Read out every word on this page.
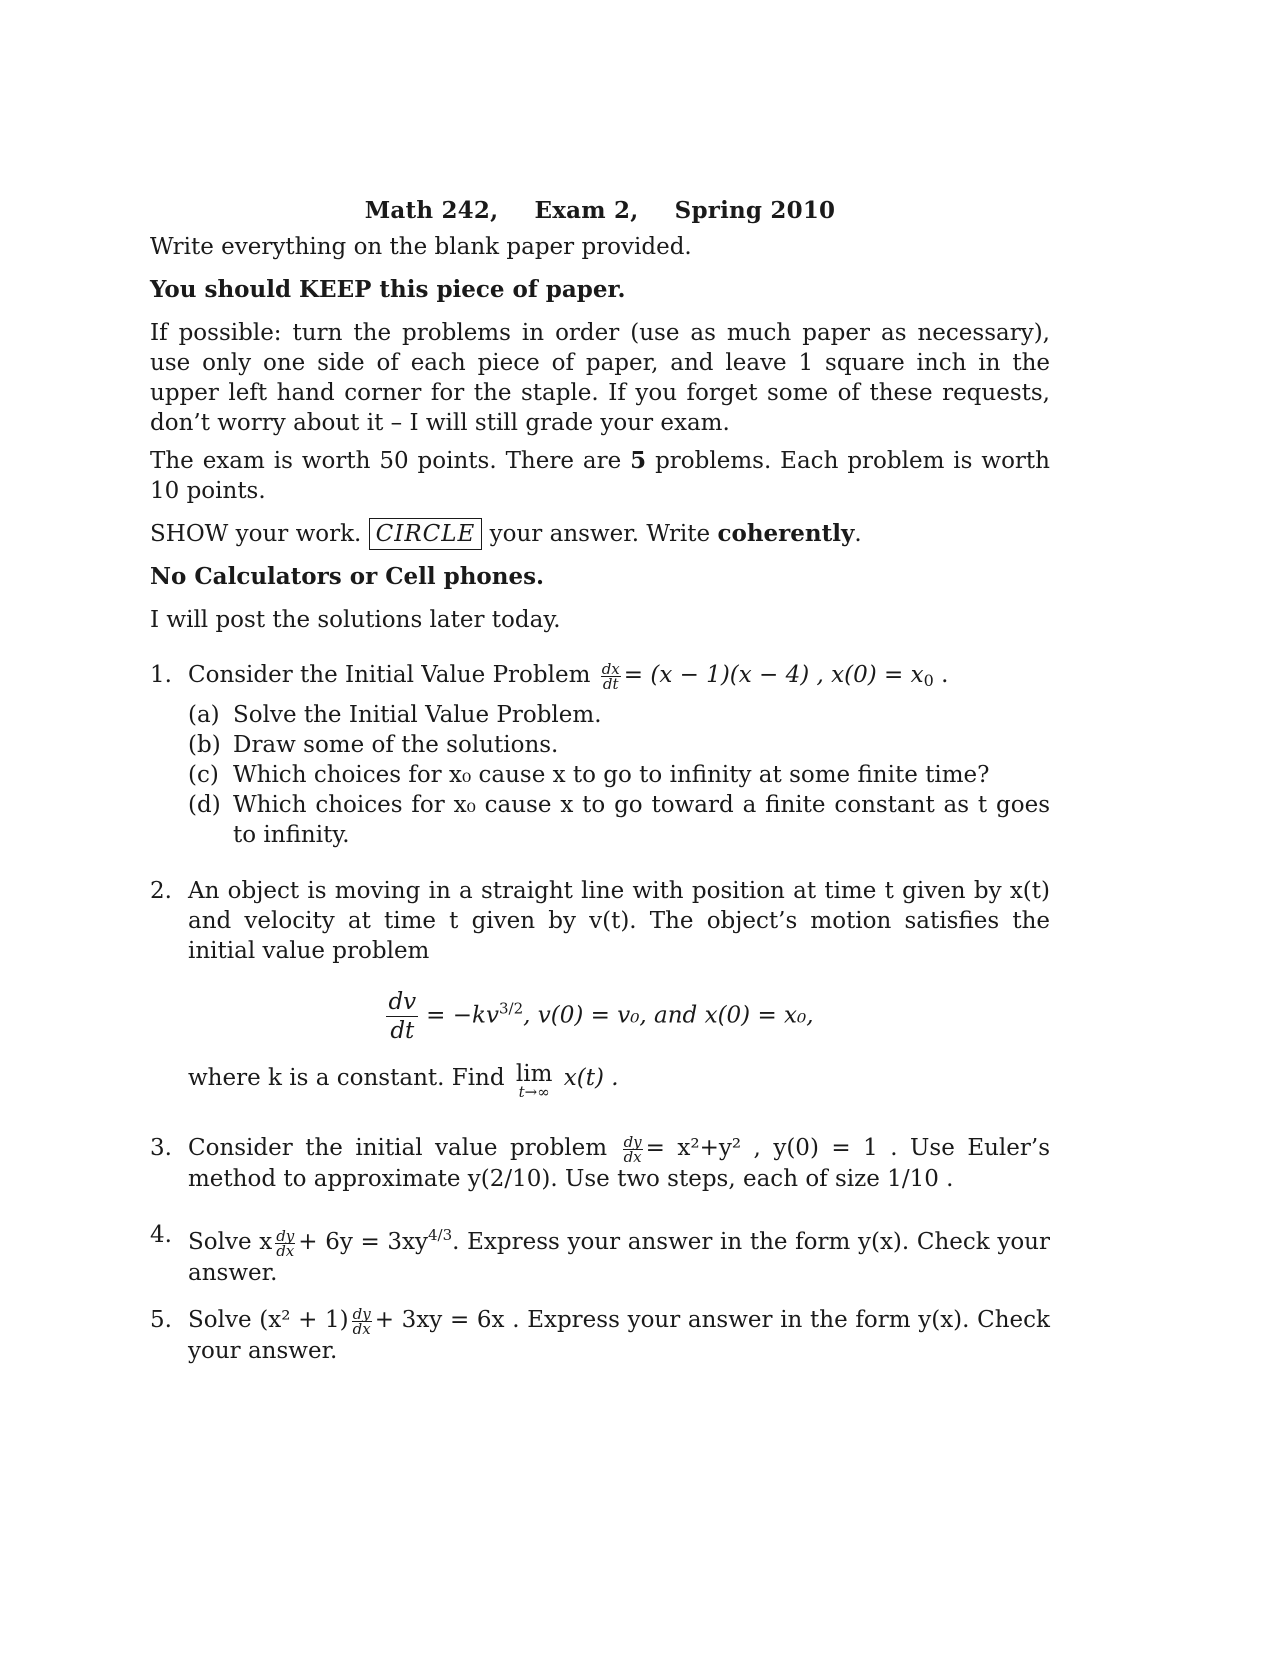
Math 242, Exam 2, Spring 2010

Write everything on the blank paper provided.

You should KEEP this piece of paper.

If possible: turn the problems in order (use as much paper as necessary), use only one side of each piece of paper, and leave 1 square inch in the upper left hand corner for the staple. If you forget some of these requests, don’t worry about it – I will still grade your exam.

The exam is worth 50 points. There are 5 problems. Each problem is worth 10 points.

SHOW your work. CIRCLE your answer. Write coherently.

No Calculators or Cell phones.

I will post the solutions later today.

1. Consider the Initial Value Problem $\frac{dx}{dt} = (x - 1)(x - 4)$ , $x(0) = x_0$ .
(a) Solve the Initial Value Problem.
(b) Draw some of the solutions.
(c) Which choices for x₀ cause x to go to infinity at some finite time?
(d) Which choices for x₀ cause x to go toward a finite constant as t goes to infinity.
2. An object is moving in a straight line with position at time t given by x(t) and velocity at time t given by v(t). The object’s motion satisfies the initial value problem
$\frac{dv}{dt} = -kv^{3/2}$, v(0) = v₀, and x(0) = x₀,
where k is a constant. Find lim
t→∞
x(t) .
3. Consider the initial value problem $\frac{dy}{dx} = x^2+y^2$ , y(0) = 1 . Use Euler’s method to approximate y(2/10). Use two steps, each of size 1/10 .
4. Solve x $\frac{dy}{dx} + 6y = 3xy^{4/3}$. Express your answer in the form y(x). Check your answer.
5. Solve $(x^2 + 1) \frac{dy}{dx} + 3xy = 6x$ . Express your answer in the form y(x). Check your answer.
